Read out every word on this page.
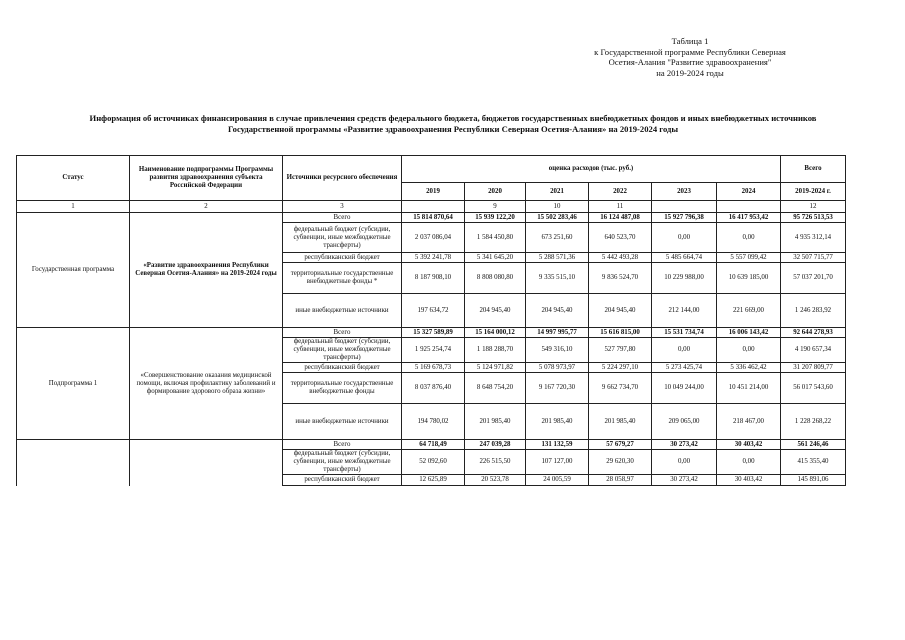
Таблица 1
к Государственной программе Республики Северная
Осетия-Алания "Развитие здравоохранения"
на 2019-2024 годы
Информация об источниках финансирования в случае привлечения средств федерального бюджета, бюджетов государственных внебюджетных фондов и иных внебюджетных источников
Государственной программы «Развитие здравоохранения Республики Северная Осетия-Алания» на 2019-2024 годы
Статус	Наименование подпрограммы Программы развития здравоохранения субъекта Российской Федерации	Источники ресурсного обеспечения	оценка расходов (тыс. руб.)						Всего
			2019	2020	2021	2022	2023	2024	2019-2024 г.
1	2	3		9	10	11			12
Государственная программа	«Развитие здравоохранения Республики Северная Осетия-Алания» на 2019-2024 годы	Всего	15 814 870,64	15 939 122,20	15 502 283,46	16 124 487,08	15 927 796,38	16 417 953,42	95 726 513,53
		федеральный бюджет (субсидии, субвенции, иные межбюджетные трансферты)	2 037 086,04	1 584 450,80	673 251,60	640 523,70	0,00	0,00	4 935 312,14
		республиканский бюджет	5 392 241,78	5 341 645,20	5 288 571,36	5 442 493,28	5 485 664,74	5 557 099,42	32 507 715,77
		территориальные государственные внебюджетные фонды *	8 187 908,10	8 808 080,80	9 335 515,10	9 836 524,70	10 229 988,00	10 639 185,00	57 037 201,70
		иные внебюджетные источники	197 634,72	204 945,40	204 945,40	204 945,40	212 144,00	221 669,00	1 246 283,92
Подпрограмма 1	«Совершенствование оказания медицинской помощи, включая профилактику заболеваний и формирование здорового образа жизни»	Всего	15 327 589,89	15 164 000,12	14 997 995,77	15 616 815,00	15 531 734,74	16 006 143,42	92 644 278,93
		федеральный бюджет (субсидии, субвенции, иные межбюджетные трансферты)	1 925 254,74	1 188 288,70	549 316,10	527 797,80	0,00	0,00	4 190 657,34
		республиканский бюджет	5 169 678,73	5 124 971,82	5 078 973,97	5 224 297,10	5 273 425,74	5 336 462,42	31 207 809,77
		территориальные государственные внебюджетные фонды	8 037 876,40	8 648 754,20	9 167 720,30	9 662 734,70	10 049 244,00	10 451 214,00	56 017 543,60
		иные внебюджетные источники	194 780,02	201 985,40	201 985,40	201 985,40	209 065,00	218 467,00	1 228 268,22
		Всего	64 718,49	247 039,28	131 132,59	57 679,27	30 273,42	30 403,42	561 246,46
		федеральный бюджет (субсидии, субвенции, иные межбюджетные трансферты)	52 092,60	226 515,50	107 127,00	29 620,30	0,00	0,00	415 355,40
		республиканский бюджет	12 625,89	20 523,78	24 005,59	28 058,97	30 273,42	30 403,42	145 891,06
